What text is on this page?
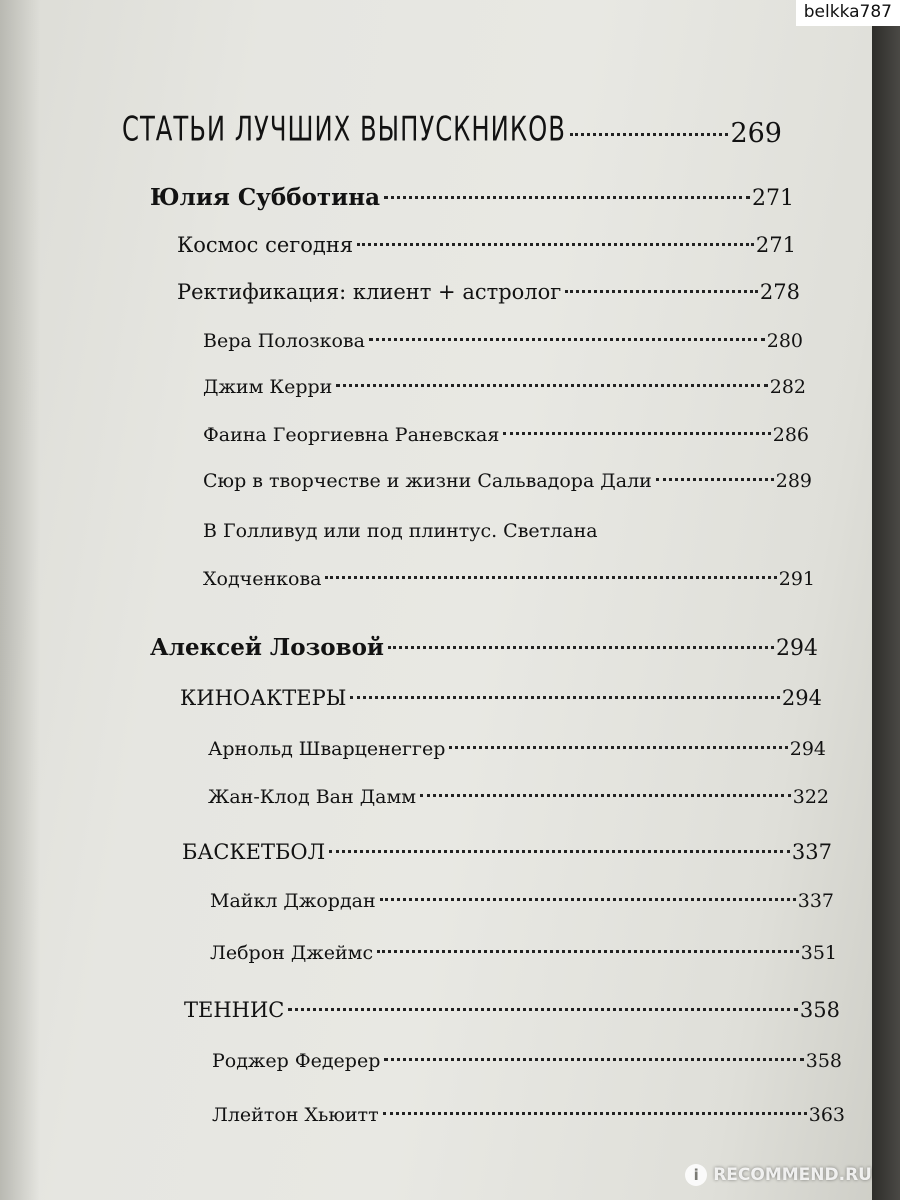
СТАТЬИ ЛУЧШИХ ВЫПУСКНИКОВ	269
Юлия Субботина	271
Космос сегодня	271
Ректификация: клиент + астролог	278
Вера Полозкова	280
Джим Керри	282
Фаина Георгиевна Раневская	286
Сюр в творчестве и жизни Сальвадора Дали	289
В Голливуд или под плинтус. Светлана
Ходченкова	291
Алексей Лозовой	294
КИНОАКТЕРЫ	294
Арнольд Шварценеггер	294
Жан-Клод Ван Дамм	322
БАСКЕТБОЛ	337
Майкл Джордан	337
Леброн Джеймс	351
ТЕННИС	358
Роджер Федерер	358
Ллейтон Хьюитт	363
belkka787
i RECOMMEND.RU
